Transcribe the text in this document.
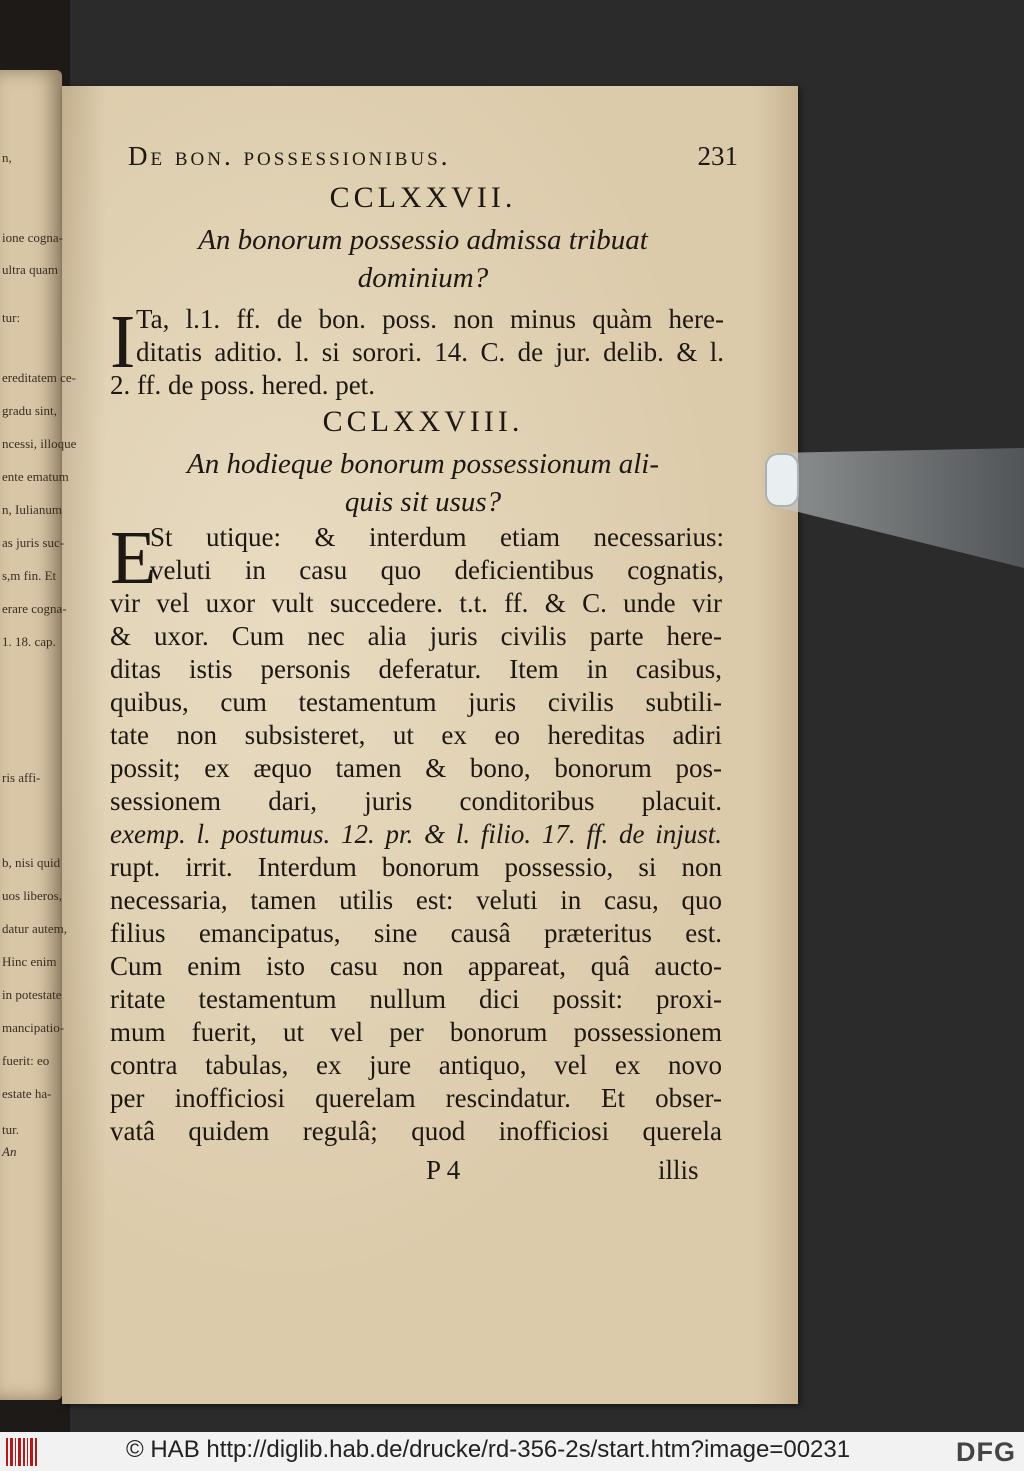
De bon. possessionibus.	231
CCLXXVII.
An bonorum possessio admissa tribuat
dominium?
I Ta, l.1. ff. de bon. poss. non minus quàm here-
ditatis aditio. l. si sorori. 14. C. de jur. delib. & l.
2. ff. de poss. hered. pet.
CCLXXVIII.
An hodieque bonorum possessionum ali-
quis sit usus?
E
St utique: & interdum etiam necessarius:
veluti in casu quo deficientibus cognatis,
vir vel uxor vult succedere. t.t. ff. & C. unde vir
& uxor. Cum nec alia juris civilis parte here-
ditas istis personis deferatur. Item in casibus,
quibus, cum testamentum juris civilis subtili-
tate non subsisteret, ut ex eo hereditas adiri
possit; ex æquo tamen & bono, bonorum pos-
sessionem dari, juris conditoribus placuit.
exemp. l. postumus. 12. pr. & l. filio. 17. ff. de injust.
rupt. irrit. Interdum bonorum possessio, si non
necessaria, tamen utilis est: veluti in casu, quo
filius emancipatus, sine causâ præteritus est.
Cum enim isto casu non appareat, quâ aucto-
ritate testamentum nullum dici possit: proxi-
mum fuerit, ut vel per bonorum possessionem
contra tabulas, ex jure antiquo, vel ex novo
per inofficiosi querelam rescindatur. Et obser-
vatâ quidem regulâ; quod inofficiosi querela
P 4	illis
n,
ione cogna-
ultra quam
tur:
ereditatem ce-
gradu sint,
ncessi, illoque
ente ematum
n, Iulianum
as juris suc-
s,m fin. Et
erare cogna-
1. 18. cap.
ris affi-
b, nisi quid
uos liberos,
datur autem,
Hinc enim
in potestate
mancipatio-
fuerit: eo
estate ha-
tur.
An
© HAB http://diglib.hab.de/drucke/rd-356-2s/start.htm?image=00231	DFG
